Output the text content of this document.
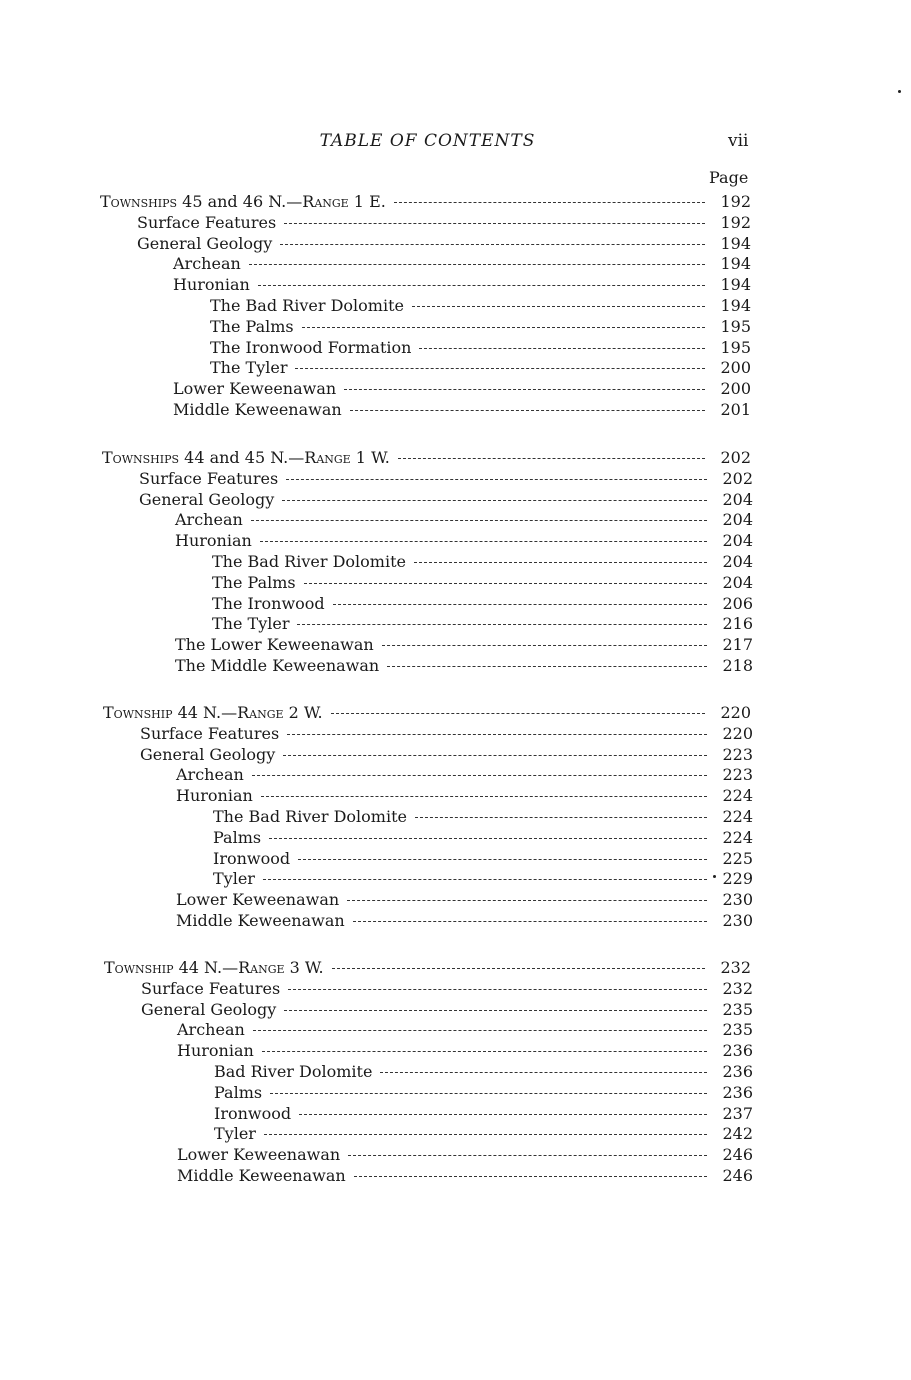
TABLE OF CONTENTS	vii
Page
Townships 45 and 46 N.—Range 1 E.	192
Surface Features	192
General Geology	194
Archean	194
Huronian	194
The Bad River Dolomite	194
The Palms	195
The Ironwood Formation	195
The Tyler	200
Lower Keweenawan	200
Middle Keweenawan	201
Townships 44 and 45 N.—Range 1 W.	202
Surface Features	202
General Geology	204
Archean	204
Huronian	204
The Bad River Dolomite	204
The Palms	204
The Ironwood	206
The Tyler	216
The Lower Keweenawan	217
The Middle Keweenawan	218
Township 44 N.—Range 2 W.	220
Surface Features	220
General Geology	223
Archean	223
Huronian	224
The Bad River Dolomite	224
Palms	224
Ironwood	225
Tyler	229
Lower Keweenawan	230
Middle Keweenawan	230
Township 44 N.—Range 3 W.	232
Surface Features	232
General Geology	235
Archean	235
Huronian	236
Bad River Dolomite	236
Palms	236
Ironwood	237
Tyler	242
Lower Keweenawan	246
Middle Keweenawan	246
